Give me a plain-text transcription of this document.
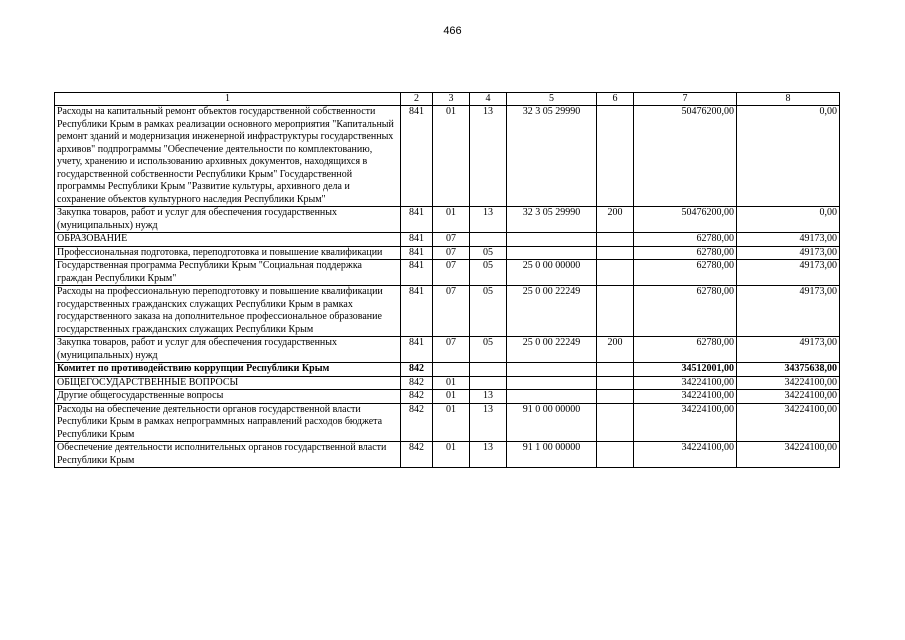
466
1	2	3	4	5	6	7	8
Расходы на капитальный ремонт объектов государственной собственности Республики Крым в рамках реализации основного мероприятия "Капитальный ремонт зданий и модернизация инженерной инфраструктуры государственных архивов" подпрограммы "Обеспечение деятельности по комплектованию, учету, хранению и использованию архивных документов, находящихся в государственной собственности Республики Крым" Государственной программы Республики Крым "Развитие культуры, архивного дела и сохранение объектов культурного наследия Республики Крым"	841	01	13	32 3 05 29990		50476200,00	0,00
Закупка товаров, работ и услуг для обеспечения государственных (муниципальных) нужд	841	01	13	32 3 05 29990	200	50476200,00	0,00
ОБРАЗОВАНИЕ	841	07				62780,00	49173,00
Профессиональная подготовка, переподготовка и повышение квалификации	841	07	05			62780,00	49173,00
Государственная программа Республики Крым "Социальная поддержка граждан Республики Крым"	841	07	05	25 0 00 00000		62780,00	49173,00
Расходы на профессиональную переподготовку и повышение квалификации государственных гражданских служащих Республики Крым в рамках государственного заказа на дополнительное профессиональное образование государственных гражданских служащих Республики Крым	841	07	05	25 0 00 22249		62780,00	49173,00
Закупка товаров, работ и услуг для обеспечения государственных (муниципальных) нужд	841	07	05	25 0 00 22249	200	62780,00	49173,00
Комитет по противодействию коррупции Республики Крым	842					34512001,00	34375638,00
ОБЩЕГОСУДАРСТВЕННЫЕ ВОПРОСЫ	842	01				34224100,00	34224100,00
Другие общегосударственные вопросы	842	01	13			34224100,00	34224100,00
Расходы на обеспечение деятельности органов государственной власти Республики Крым в рамках непрограммных направлений расходов бюджета Республики Крым	842	01	13	91 0 00 00000		34224100,00	34224100,00
Обеспечение деятельности исполнительных органов государственной власти Республики Крым	842	01	13	91 1 00 00000		34224100,00	34224100,00
